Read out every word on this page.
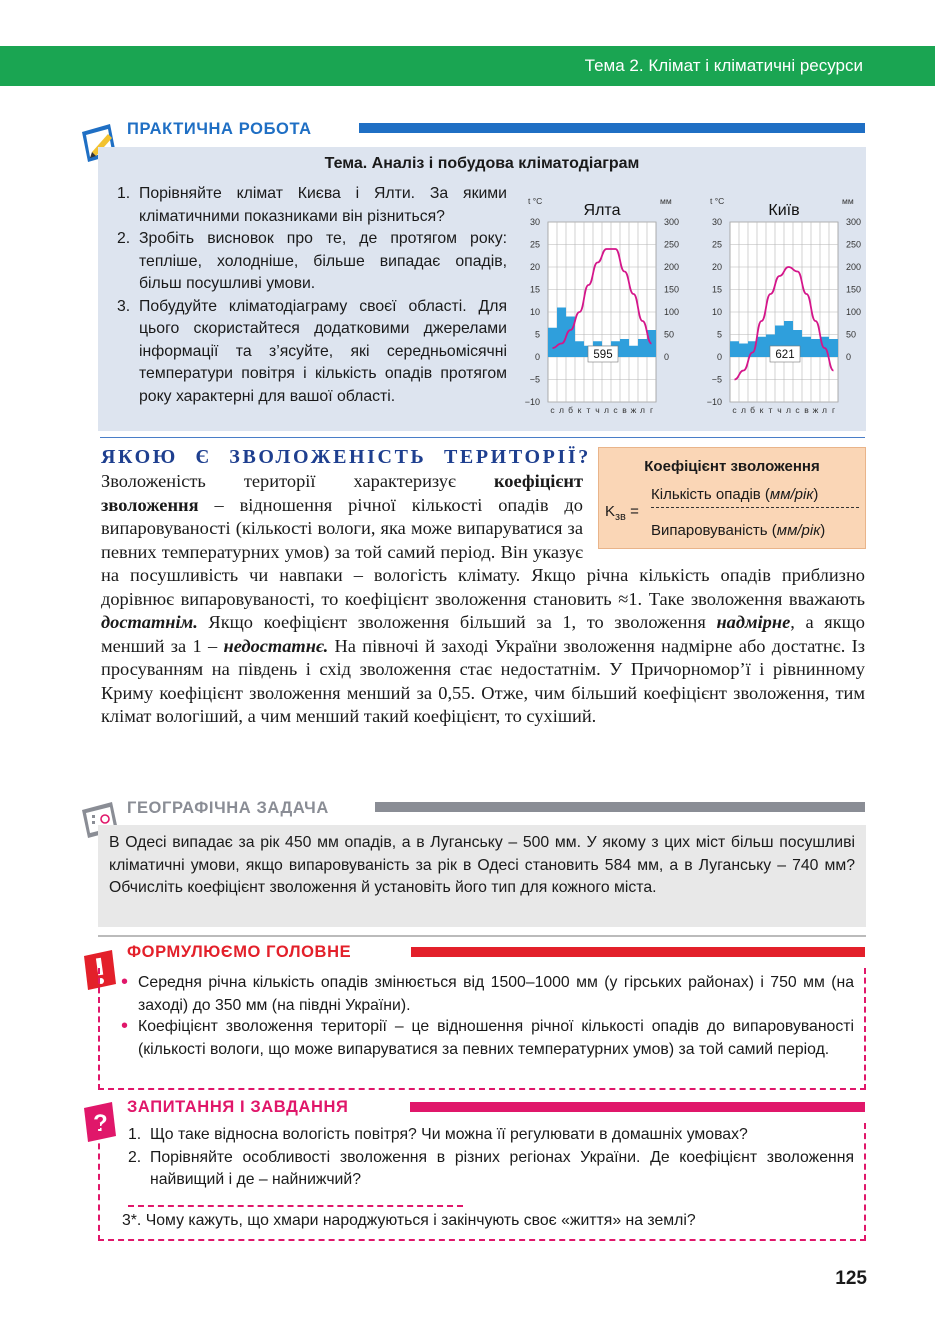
Тема 2. Клімат і кліматичні ресурси
ПРАКТИЧНА РОБОТА
Тема. Аналіз і побудова кліматодіаграм
1. Порівняйте клімат Києва і Ялти. За якими кліматичними показниками він різниться?
2. Зробіть висновок про те, де протягом року: тепліше, холодніше, більше випадає опадів, більш посушливі умови.
3. Побудуйте кліматодіаграму своєї області. Для цього скористайтеся додатковими джерелами інформації та з’ясуйте, які середньомісячні температури повітря і кількість опадів протягом року характерні для вашої області.
30
25
20
15
10
5
0
−5
−10
300
250
200
150
100
50
0
t °C	мм
Ялта
с л б к т ч л с в ж л г
595
30
25
20
15
10
5
0
−5
−10
300
250
200
150
100
50
0
t °C	мм
Київ
с л б к т ч л с в ж л г
621
ЯКОЮ Є ЗВОЛОЖЕНІСТЬ ТЕРИТОРІЇ?	Коефіцієнт зволоження
Кількість опадів (мм/рік)
Випаровуваність (мм/рік)
$K_{зв}$ =
Зволоженість території характеризує коефіцієнт зволоження – відношення річної кількості опадів до випаровуваності (кількості вологи, яка може випаруватися за певних температурних умов) за той самий період. Він указує на посушливість чи навпаки – вологість клімату. Якщо річна кількість опадів приблизно дорівнює випаровуваності, то коефіцієнт зволоження становить ≈1. Таке зволоження вважають достатнім. Якщо коефіцієнт зволоження більший за 1, то зволоження надмірне, а якщо менший за 1 – недостатнє. На півночі й заході України зволоження надмірне або достатнє. Із просуванням на південь і схід зволоження стає недостатнім. У Причорномор’ї і рівнинному Криму коефіцієнт зволоження менший за 0,55. Отже, чим більший коефіцієнт зволоження, тим клімат вологіший, а чим менший такий коефіцієнт, то сухіший.
ГЕОГРАФІЧНА ЗАДАЧА
В Одесі випадає за рік 450 мм опадів, а в Луганську – 500 мм. У якому з цих міст більш посушливі кліматичні умови, якщо випаровуваність за рік в Одесі становить 584 мм, а в Луганську – 740 мм? Обчисліть коефіцієнт зволоження й установіть його тип для кожного міста.
ФОРМУЛЮЄМО ГОЛОВНЕ
• Середня річна кількість опадів змінюється від 1500–1000 мм (у гірських районах) і 750 мм (на заході) до 350 мм (на півдні України).
• Коефіцієнт зволоження території – це відношення річної кількості опадів до випаровуваності (кількості вологи, що може випаруватися за певних температурних умов) за той самий період.
?
ЗАПИТАННЯ І ЗАВДАННЯ
1. Що таке відносна вологість повітря? Чи можна її регулювати в домашніх умовах?
2. Порівняйте особливості зволоження в різних регіонах України. Де коефіцієнт зволоження найвищий і де – найнижчий?
3*. Чому кажуть, що хмари народжуються і закінчують своє «життя» на землі?
125
